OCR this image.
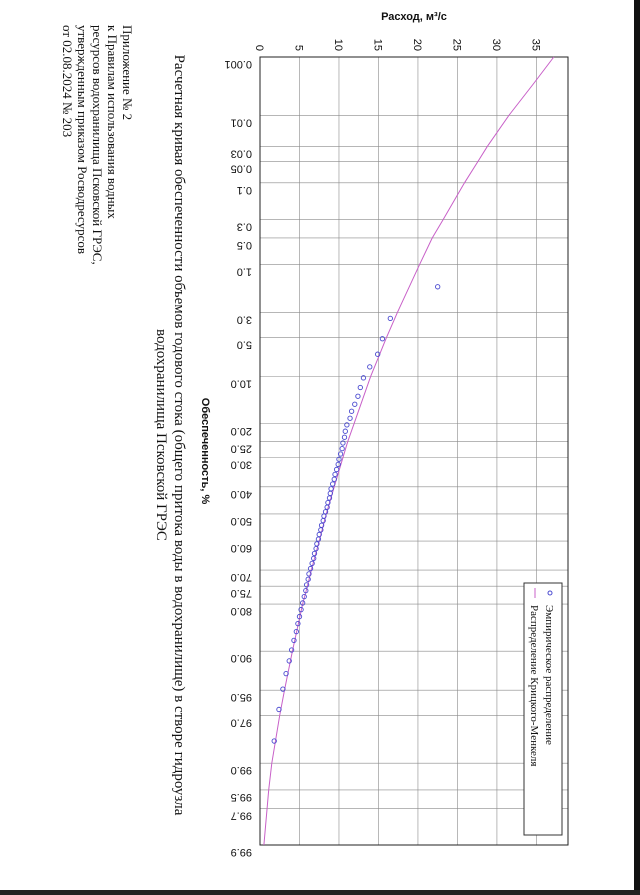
Приложение № 2
к Правилам использования водных
ресурсов водохранилища Псковской ГРЭС,
утвержденным приказом Росводресурсов
от 02.08.2024 № 203	Расчетная кривая обеспеченности объемов годового стока (общего притока воды в водохранилище) в створе гидроузла
водохранилища Псковской ГРЭС
0.001
0.01
0.03
0.05
0.1
0.3
0.5
1.0
3.0
5.0
10.0
20.0
25.0
30.0
40.0
50.0
60.0
70.0
75.0
80.0
90.0
95.0
97.0
99.0
99.5
99.7
99.9
0 5 10 15 20 25 30 35
Обеспеченность, %
Расход, м³/с
Эмпирическое распределение
Распределение Крицкого-Менкеля
